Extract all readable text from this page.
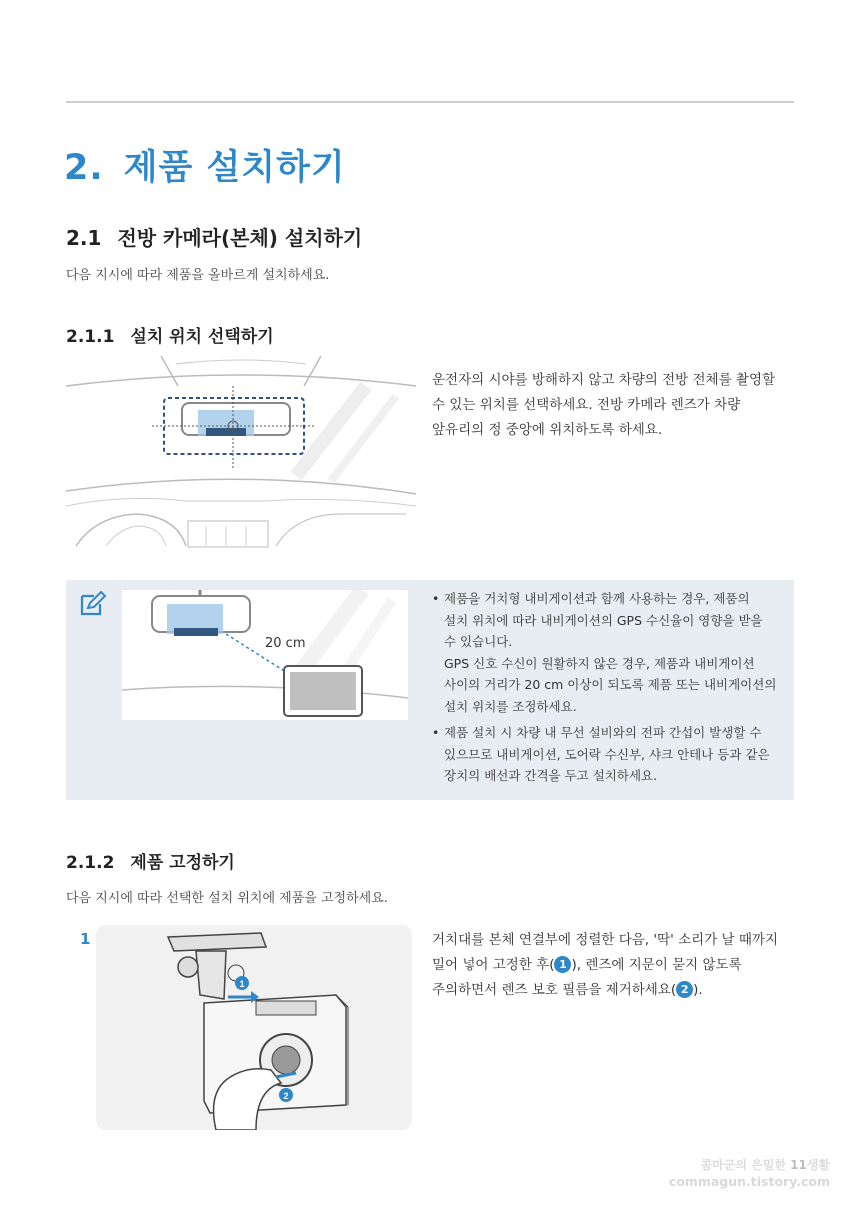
2. 제품 설치하기
2.1 전방 카메라(본체) 설치하기
다음 지시에 따라 제품을 올바르게 설치하세요.
2.1.1 설치 위치 선택하기
운전자의 시야를 방해하지 않고 차량의 전방 전체를 촬영할
수 있는 위치를 선택하세요. 전방 카메라 렌즈가 차량
앞유리의 정 중앙에 위치하도록 하세요.
20 cm
• 제품을 거치형 내비게이션과 함께 사용하는 경우, 제품의
설치 위치에 따라 내비게이션의 GPS 수신율이 영향을 받을
수 있습니다.
GPS 신호 수신이 원활하지 않은 경우, 제품과 내비게이션
사이의 거리가 20 cm 이상이 되도록 제품 또는 내비게이션의
설치 위치를 조정하세요.
• 제품 설치 시 차량 내 무선 설비와의 전파 간섭이 발생할 수
있으므로 내비게이션, 도어락 수신부, 샤크 안테나 등과 같은
장치의 배선과 간격을 두고 설치하세요.
2.1.2 제품 고정하기
다음 지시에 따라 선택한 설치 위치에 제품을 고정하세요.
1
1
2
거치대를 본체 연결부에 정렬한 다음, '딱' 소리가 날 때까지
밀어 넣어 고정한 후( 1 ), 렌즈에 지문이 묻지 않도록
주의하면서 렌즈 보호 필름을 제거하세요( 2 ).
콤마군의 은밀한 11생활
commagun.tistory.com
